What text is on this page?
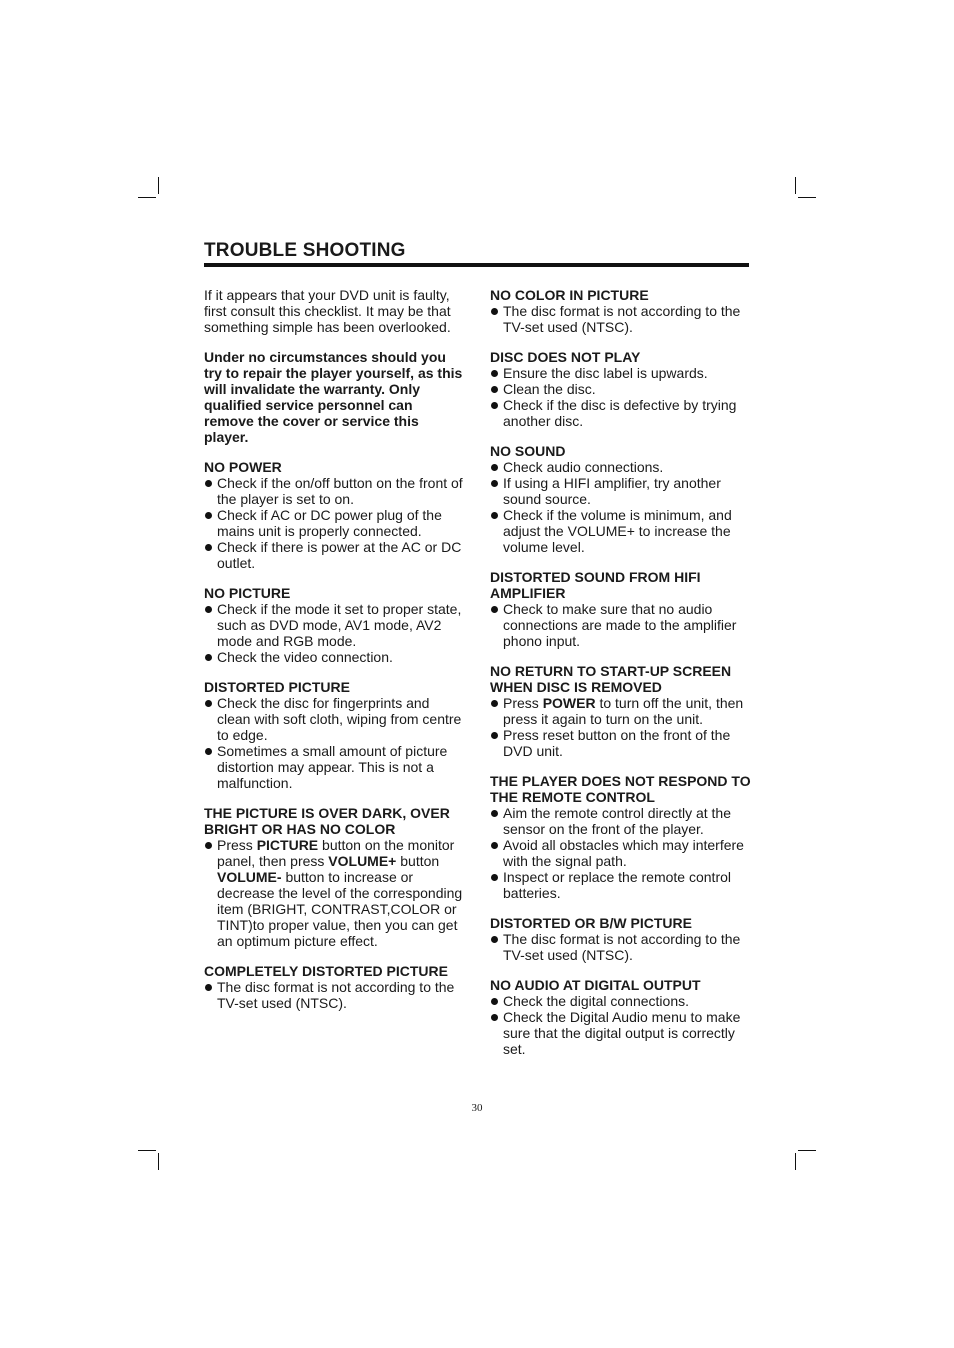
TROUBLE SHOOTING

If it appears that your DVD unit is faulty, first consult this checklist. It may be that something simple has been overlooked.

Under no circumstances should you try to repair the player yourself, as this will invalidate the warranty. Only qualified service personnel can remove the cover or service this player.

NO POWER
Check if the on/off button on the front of the player is set to on.
Check if AC or DC power plug of the mains unit is properly connected.
Check if there is power at the AC or DC outlet.
NO PICTURE
Check if the mode it set to proper state, such as DVD mode, AV1 mode, AV2 mode and RGB mode.
Check the video connection.
DISTORTED PICTURE
Check the disc for fingerprints and clean with soft cloth, wiping from centre to edge.
Sometimes a small amount of picture distortion may appear. This is not a malfunction.
THE PICTURE IS OVER DARK, OVER BRIGHT OR HAS NO COLOR
Press PICTURE button on the monitor panel, then press VOLUME+ button VOLUME- button to increase or decrease the level of the corresponding item (BRIGHT, CONTRAST,COLOR or TINT)to proper value, then you can get an optimum picture effect.
COMPLETELY DISTORTED PICTURE
The disc format is not according to the TV-set used (NTSC).
NO COLOR IN PICTURE
The disc format is not according to the TV-set used (NTSC).
DISC DOES NOT PLAY
Ensure the disc label is upwards.
Clean the disc.
Check if the disc is defective by trying another disc.
NO SOUND
Check audio connections.
If using a HIFI amplifier, try another sound source.
Check if the volume is minimum, and adjust the VOLUME+ to increase the volume level.
DISTORTED SOUND FROM HIFI AMPLIFIER
Check to make sure that no audio connections are made to the amplifier phono input.
NO RETURN TO START-UP SCREEN WHEN DISC IS REMOVED
Press POWER to turn off the unit, then press it again to turn on the unit.
Press reset button on the front of the DVD unit.
THE PLAYER DOES NOT RESPOND TO THE REMOTE CONTROL
Aim the remote control directly at the sensor on the front of the player.
Avoid all obstacles which may interfere with the signal path.
Inspect or replace the remote control batteries.
DISTORTED OR B/W PICTURE
The disc format is not according to the TV-set used (NTSC).
NO AUDIO AT DIGITAL OUTPUT
Check the digital connections.
Check the Digital Audio menu to make sure that the digital output is correctly set.
30
